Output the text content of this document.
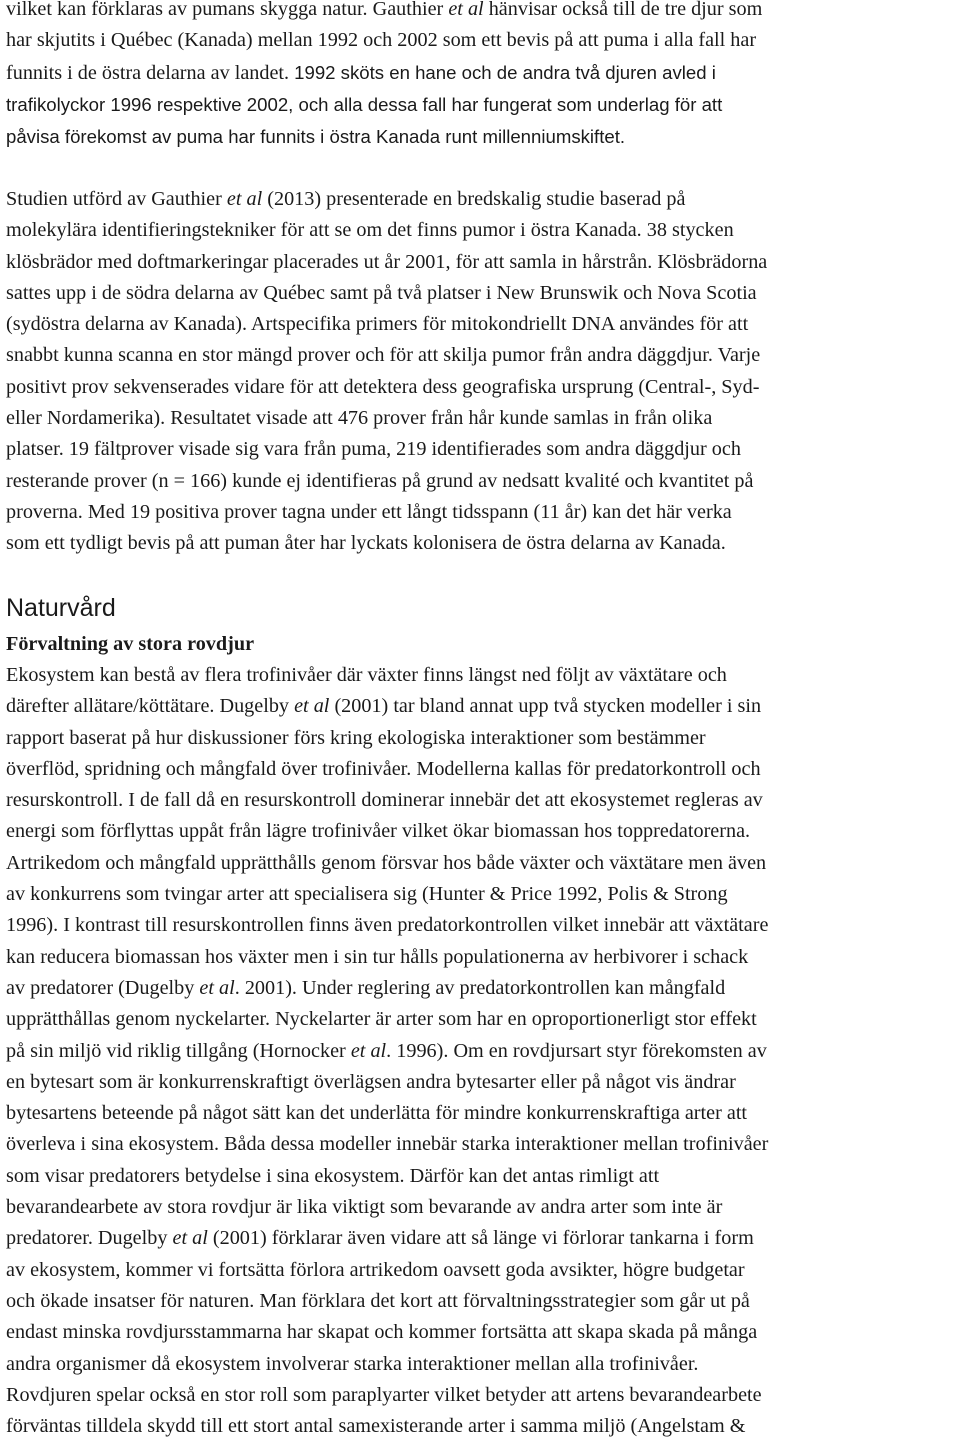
vilket kan förklaras av pumans skygga natur. Gauthier et al hänvisar också till de tre djur som
har skjutits i Québec (Kanada) mellan 1992 och 2002 som ett bevis på att puma i alla fall har
funnits i de östra delarna av landet. 1992 sköts en hane och de andra två djuren avled i
trafikolyckor 1996 respektive 2002, och alla dessa fall har fungerat som underlag för att
påvisa förekomst av puma har funnits i östra Kanada runt millenniumskiftet.

Studien utförd av Gauthier et al (2013) presenterade en bredskalig studie baserad på
molekylära identifieringstekniker för att se om det finns pumor i östra Kanada. 38 stycken
klösbrädor med doftmarkeringar placerades ut år 2001, för att samla in hårstrån. Klösbrädorna
sattes upp i de södra delarna av Québec samt på två platser i New Brunswik och Nova Scotia
(sydöstra delarna av Kanada). Artspecifika primers för mitokondriellt DNA användes för att
snabbt kunna scanna en stor mängd prover och för att skilja pumor från andra däggdjur. Varje
positivt prov sekvenserades vidare för att detektera dess geografiska ursprung (Central-, Syd-
eller Nordamerika). Resultatet visade att 476 prover från hår kunde samlas in från olika
platser. 19 fältprover visade sig vara från puma, 219 identifierades som andra däggdjur och
resterande prover (n = 166) kunde ej identifieras på grund av nedsatt kvalité och kvantitet på
proverna. Med 19 positiva prover tagna under ett långt tidsspann (11 år) kan det här verka
som ett tydligt bevis på att puman åter har lyckats kolonisera de östra delarna av Kanada.

Naturvård
Förvaltning av stora rovdjur

Ekosystem kan bestå av flera trofinivåer där växter finns längst ned följt av växtätare och
därefter allätare/köttätare. Dugelby et al (2001) tar bland annat upp två stycken modeller i sin
rapport baserat på hur diskussioner förs kring ekologiska interaktioner som bestämmer
överflöd, spridning och mångfald över trofinivåer. Modellerna kallas för predatorkontroll och
resurskontroll. I de fall då en resurskontroll dominerar innebär det att ekosystemet regleras av
energi som förflyttas uppåt från lägre trofinivåer vilket ökar biomassan hos toppredatorerna.
Artrikedom och mångfald upprätthålls genom försvar hos både växter och växtätare men även
av konkurrens som tvingar arter att specialisera sig (Hunter & Price 1992, Polis & Strong
1996). I kontrast till resurskontrollen finns även predatorkontrollen vilket innebär att växtätare
kan reducera biomassan hos växter men i sin tur hålls populationerna av herbivorer i schack
av predatorer (Dugelby et al. 2001). Under reglering av predatorkontrollen kan mångfald
upprätthållas genom nyckelarter. Nyckelarter är arter som har en oproportionerligt stor effekt
på sin miljö vid riklig tillgång (Hornocker et al. 1996). Om en rovdjursart styr förekomsten av
en bytesart som är konkurrenskraftigt överlägsen andra bytesarter eller på något vis ändrar
bytesartens beteende på något sätt kan det underlätta för mindre konkurrenskraftiga arter att
överleva i sina ekosystem. Båda dessa modeller innebär starka interaktioner mellan trofinivåer
som visar predatorers betydelse i sina ekosystem. Därför kan det antas rimligt att
bevarandearbete av stora rovdjur är lika viktigt som bevarande av andra arter som inte är
predatorer. Dugelby et al (2001) förklarar även vidare att så länge vi förlorar tankarna i form
av ekosystem, kommer vi fortsätta förlora artrikedom oavsett goda avsikter, högre budgetar
och ökade insatser för naturen. Man förklara det kort att förvaltningsstrategier som går ut på
endast minska rovdjursstammarna har skapat och kommer fortsätta att skapa skada på många
andra organismer då ekosystem involverar starka interaktioner mellan alla trofinivåer.
Rovdjuren spelar också en stor roll som paraplyarter vilket betyder att artens bevarandearbete
förväntas tilldela skydd till ett stort antal samexisterande arter i samma miljö (Angelstam &
